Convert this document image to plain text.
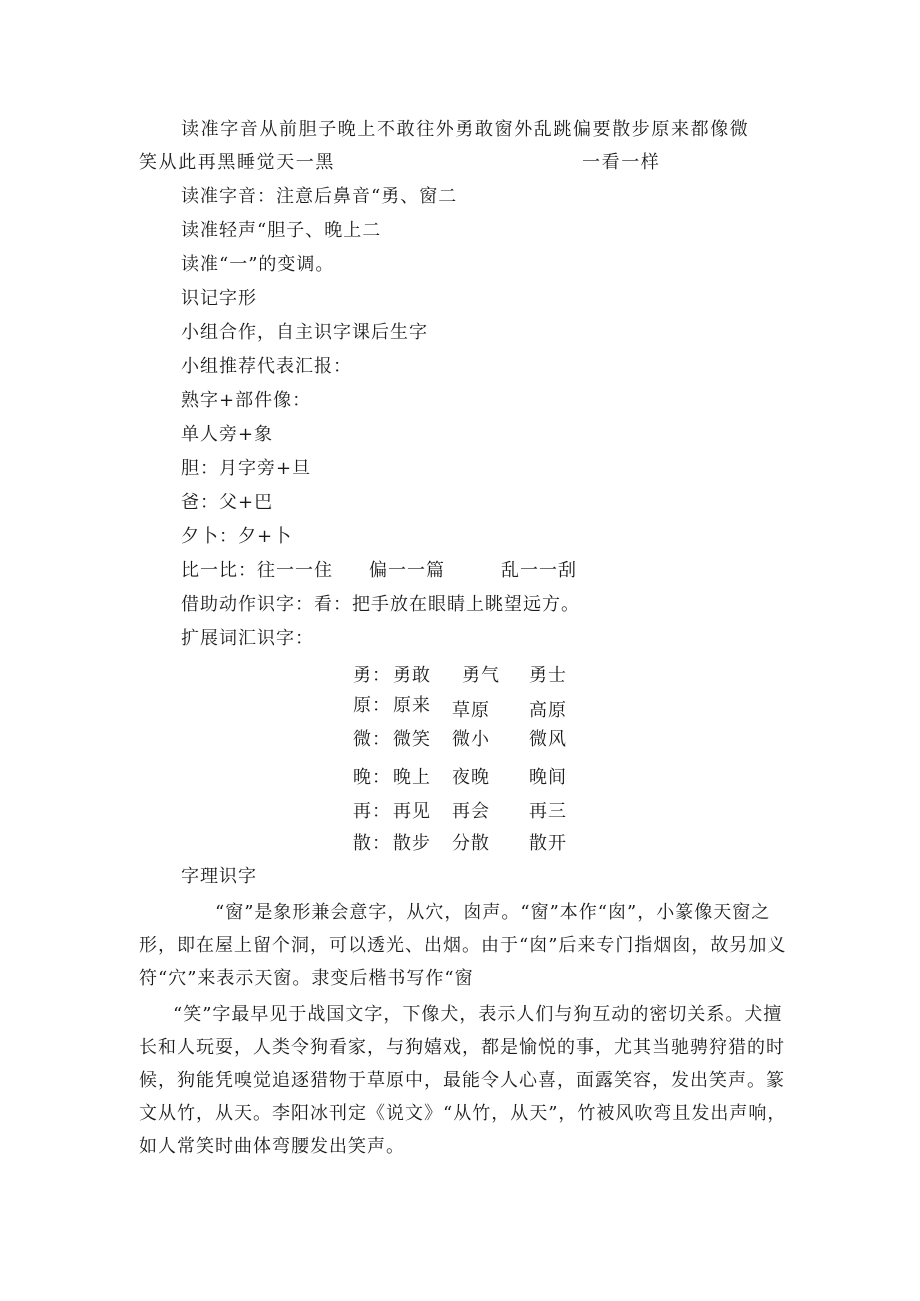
读准字音从前胆子晚上不敢往外勇敢窗外乱跳偏要散步原来都像微
笑从此再黑睡觉天一黑	一看一样
读准字音：注意后鼻音“勇、窗二
读准轻声“胆子、晚上二
读准“一”的变调。
识记字形
小组合作，自主识字课后生字
小组推荐代表汇报：
熟字+部件像：
单人旁+象
胆：月字旁+旦
爸：父+巴
夕卜：夕+卜
比一比：往一一住 偏一一篇	乱一一刮
借助动作识字：看：把手放在眼睛上眺望远方。
扩展词汇识字：
勇： 勇敢 勇气 勇士
原： 原来 草原 高原
微： 微笑 微小 微风
晚： 晚上 夜晚 晚间
再： 再见 再会 再三
散： 散步 分散 散开
字理识字
“窗”是象形兼会意字，从穴，囱声。“窗”本作“囱”，小篆像天窗之形，即在屋上留个洞，可以透光、出烟。由于“囱”后来专门指烟囱，故另加义符“穴”来表示天窗。隶变后楷书写作“窗
“笑”字最早见于战国文字，下像犬，表示人们与狗互动的密切关系。犬擅长和人玩耍，人类令狗看家，与狗嬉戏，都是愉悦的事，尤其当驰骋狩猎的时候，狗能凭嗅觉追逐猎物于草原中，最能令人心喜，面露笑容，发出笑声。篆文从竹，从天。李阳冰刊定《说文》“从竹，从天”，竹被风吹弯且发出声响，如人常笑时曲体弯腰发出笑声。
